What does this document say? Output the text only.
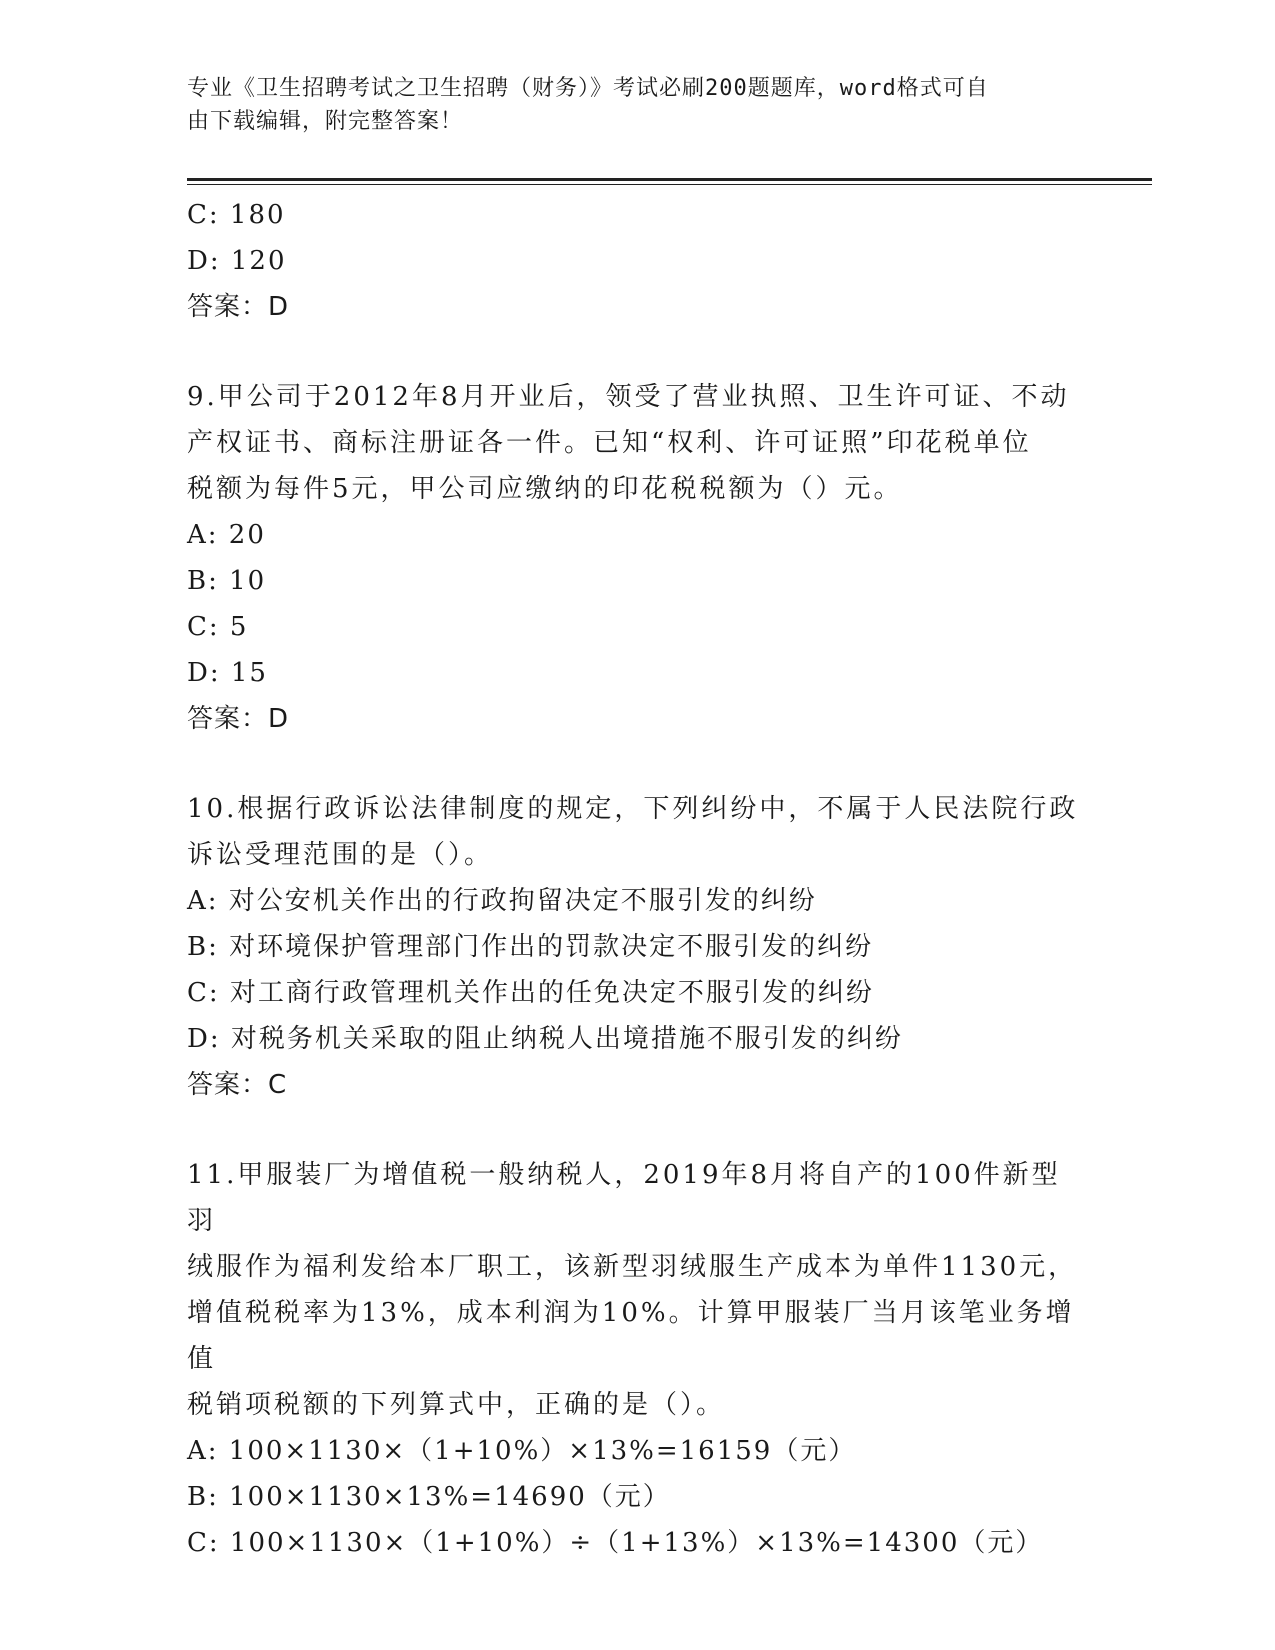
专业《卫生招聘考试之卫生招聘（财务）》考试必刷200题题库，word格式可自
由下载编辑，附完整答案！
C: 180
D: 120
答案：D
9.甲公司于2012年8月开业后，领受了营业执照、卫生许可证、不动
产权证书、商标注册证各一件。已知“权利、许可证照”印花税单位
税额为每件5元，甲公司应缴纳的印花税税额为（）元。
A: 20
B: 10
C: 5
D: 15
答案：D
10.根据行政诉讼法律制度的规定，下列纠纷中，不属于人民法院行政
诉讼受理范围的是（）。
A: 对公安机关作出的行政拘留决定不服引发的纠纷
B: 对环境保护管理部门作出的罚款决定不服引发的纠纷
C: 对工商行政管理机关作出的任免决定不服引发的纠纷
D: 对税务机关采取的阻止纳税人出境措施不服引发的纠纷
答案：C
11.甲服装厂为增值税一般纳税人，2019年8月将自产的100件新型羽
绒服作为福利发给本厂职工，该新型羽绒服生产成本为单件1130元，
增值税税率为13%，成本利润为10%。计算甲服装厂当月该笔业务增值
税销项税额的下列算式中，正确的是（）。
A: 100×1130×（1+10%）×13%=16159（元）
B: 100×1130×13%=14690（元）
C: 100×1130×（1+10%）÷（1+13%）×13%=14300（元）
